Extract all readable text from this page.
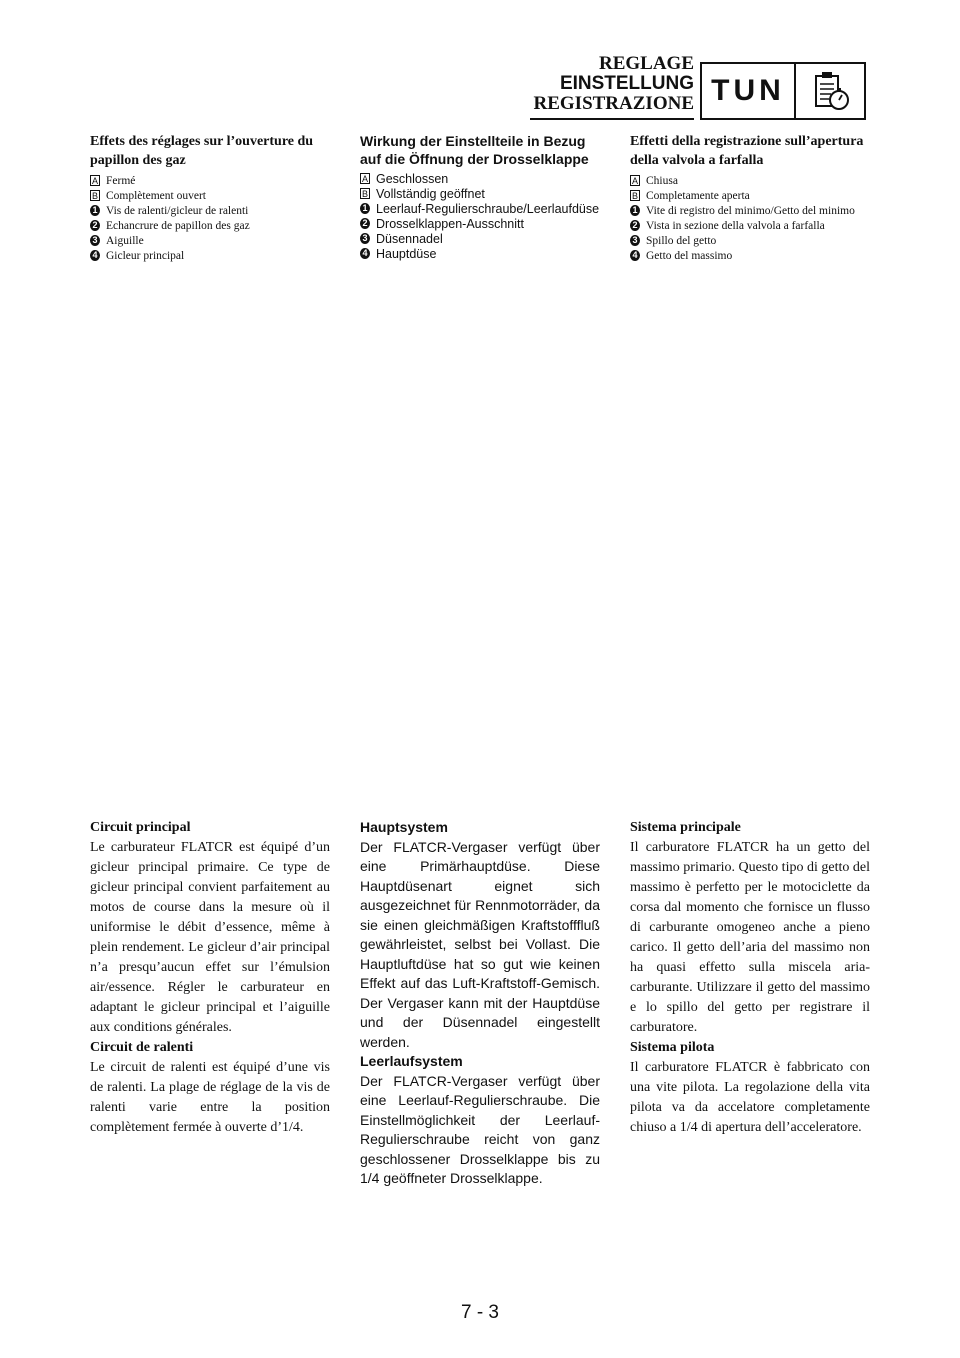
REGLAGE
EINSTELLUNG
REGISTRAZIONE TUN

Effets des réglages sur l’ouverture du papillon des gaz

A Fermé
B Complètement ouvert
1 Vis de ralenti/gicleur de ralenti
2 Echancrure de papillon des gaz
3 Aiguille
4 Gicleur principal

Wirkung der Einstellteile in Bezug auf die Öffnung der Drosselklappe

A Geschlossen
B Vollständig geöffnet
1 Leerlauf-Regulierschraube/Leerlaufdüse
2 Drosselklappen-Ausschnitt
3 Düsennadel
4 Hauptdüse

Effetti della registrazione sull’apertura della valvola a farfalla

A Chiusa
B Completamente aperta
1 Vite di registro del minimo/Getto del minimo
2 Vista in sezione della valvola a farfalla
3 Spillo del getto
4 Getto del massimo

Circuit principal

Le carburateur FLATCR est équipé d’un gicleur principal primaire. Ce type de gicleur principal convient parfaitement au motos de course dans la mesure où il uniformise le débit d’essence, même à plein rendement. Le gicleur d’air principal n’a presqu’aucun effet sur l’émulsion air/essence. Régler le carburateur en adaptant le gicleur principal et l’aiguille aux conditions générales.

Circuit de ralenti

Le circuit de ralenti est équipé d’une vis de ralenti. La plage de réglage de la vis de ralenti varie entre la position complètement fermée à ouverte d’1/4.

Hauptsystem

Der FLATCR-Vergaser verfügt über eine Primärhauptdüse. Diese Hauptdüsenart eignet sich ausgezeichnet für Rennmotorräder, da sie einen gleichmäßigen Kraftstofffluß gewährleistet, selbst bei Vollast. Die Hauptluftdüse hat so gut wie keinen Effekt auf das Luft-Kraftstoff-Gemisch. Der Vergaser kann mit der Hauptdüse und der Düsennadel eingestellt werden.

Leerlaufsystem

Der FLATCR-Vergaser verfügt über eine Leerlauf-Regulierschraube. Die Einstellmöglichkeit der Leerlauf-Regulierschraube reicht von ganz geschlossener Drosselklappe bis zu 1/4 geöffneter Drosselklappe.

Sistema principale

Il carburatore FLATCR ha un getto del massimo primario. Questo tipo di getto del massimo è perfetto per le motociclette da corsa dal momento che fornisce un flusso di carburante omogeneo anche a pieno carico. Il getto dell’aria del massimo non ha quasi effetto sulla miscela aria-carburante. Utilizzare il getto del massimo e lo spillo del getto per registrare il carburatore.

Sistema pilota

Il carburatore FLATCR è fabbricato con una vite pilota. La regolazione della vita pilota va da accelatore completamente chiuso a 1/4 di apertura dell’acceleratore.

7 - 3
